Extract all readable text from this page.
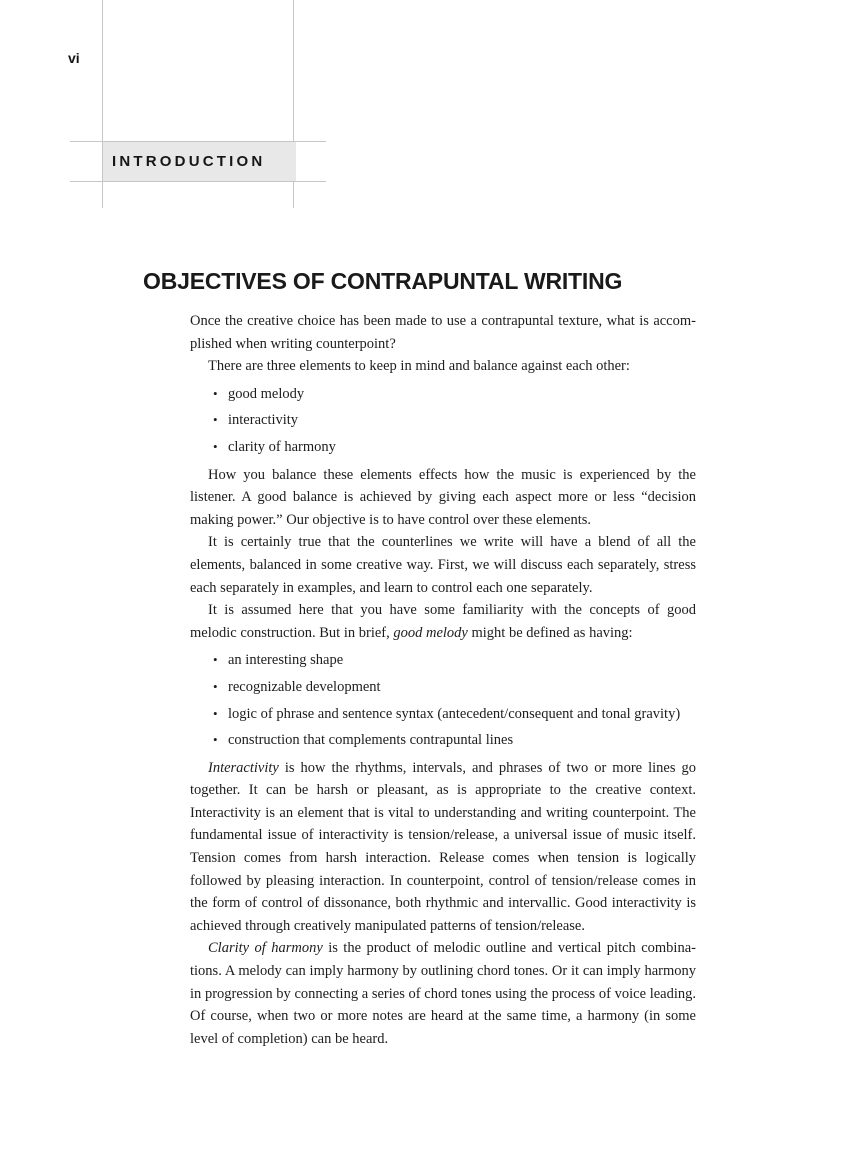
vi
INTRODUCTION
OBJECTIVES OF CONTRAPUNTAL WRITING

Once the creative choice has been made to use a contrapuntal texture, what is accomplished when writing counterpoint?

There are three elements to keep in mind and balance against each other:

• good melody
• interactivity
• clarity of harmony

How you balance these elements effects how the music is experienced by the listener. A good balance is achieved by giving each aspect more or less “decision making power.” Our objective is to have control over these elements.

It is certainly true that the counterlines we write will have a blend of all the elements, balanced in some creative way. First, we will discuss each separately, stress each separately in examples, and learn to control each one separately.

It is assumed here that you have some familiarity with the concepts of good melodic construction. But in brief, good melody might be defined as having:

• an interesting shape
• recognizable development
• logic of phrase and sentence syntax (antecedent/consequent and tonal gravity)
• construction that complements contrapuntal lines

Interactivity is how the rhythms, intervals, and phrases of two or more lines go together. It can be harsh or pleasant, as is appropriate to the creative context. Interactivity is an element that is vital to understanding and writing counterpoint. The fundamental issue of interactivity is tension/release, a universal issue of music itself. Tension comes from harsh interaction. Release comes when tension is logically followed by pleasing interaction. In counterpoint, control of tension/release comes in the form of control of dissonance, both rhythmic and intervallic. Good interactivity is achieved through creatively manipulated patterns of tension/release.

Clarity of harmony is the product of melodic outline and vertical pitch combinations. A melody can imply harmony by outlining chord tones. Or it can imply harmony in progression by connecting a series of chord tones using the process of voice leading. Of course, when two or more notes are heard at the same time, a harmony (in some level of completion) can be heard.
